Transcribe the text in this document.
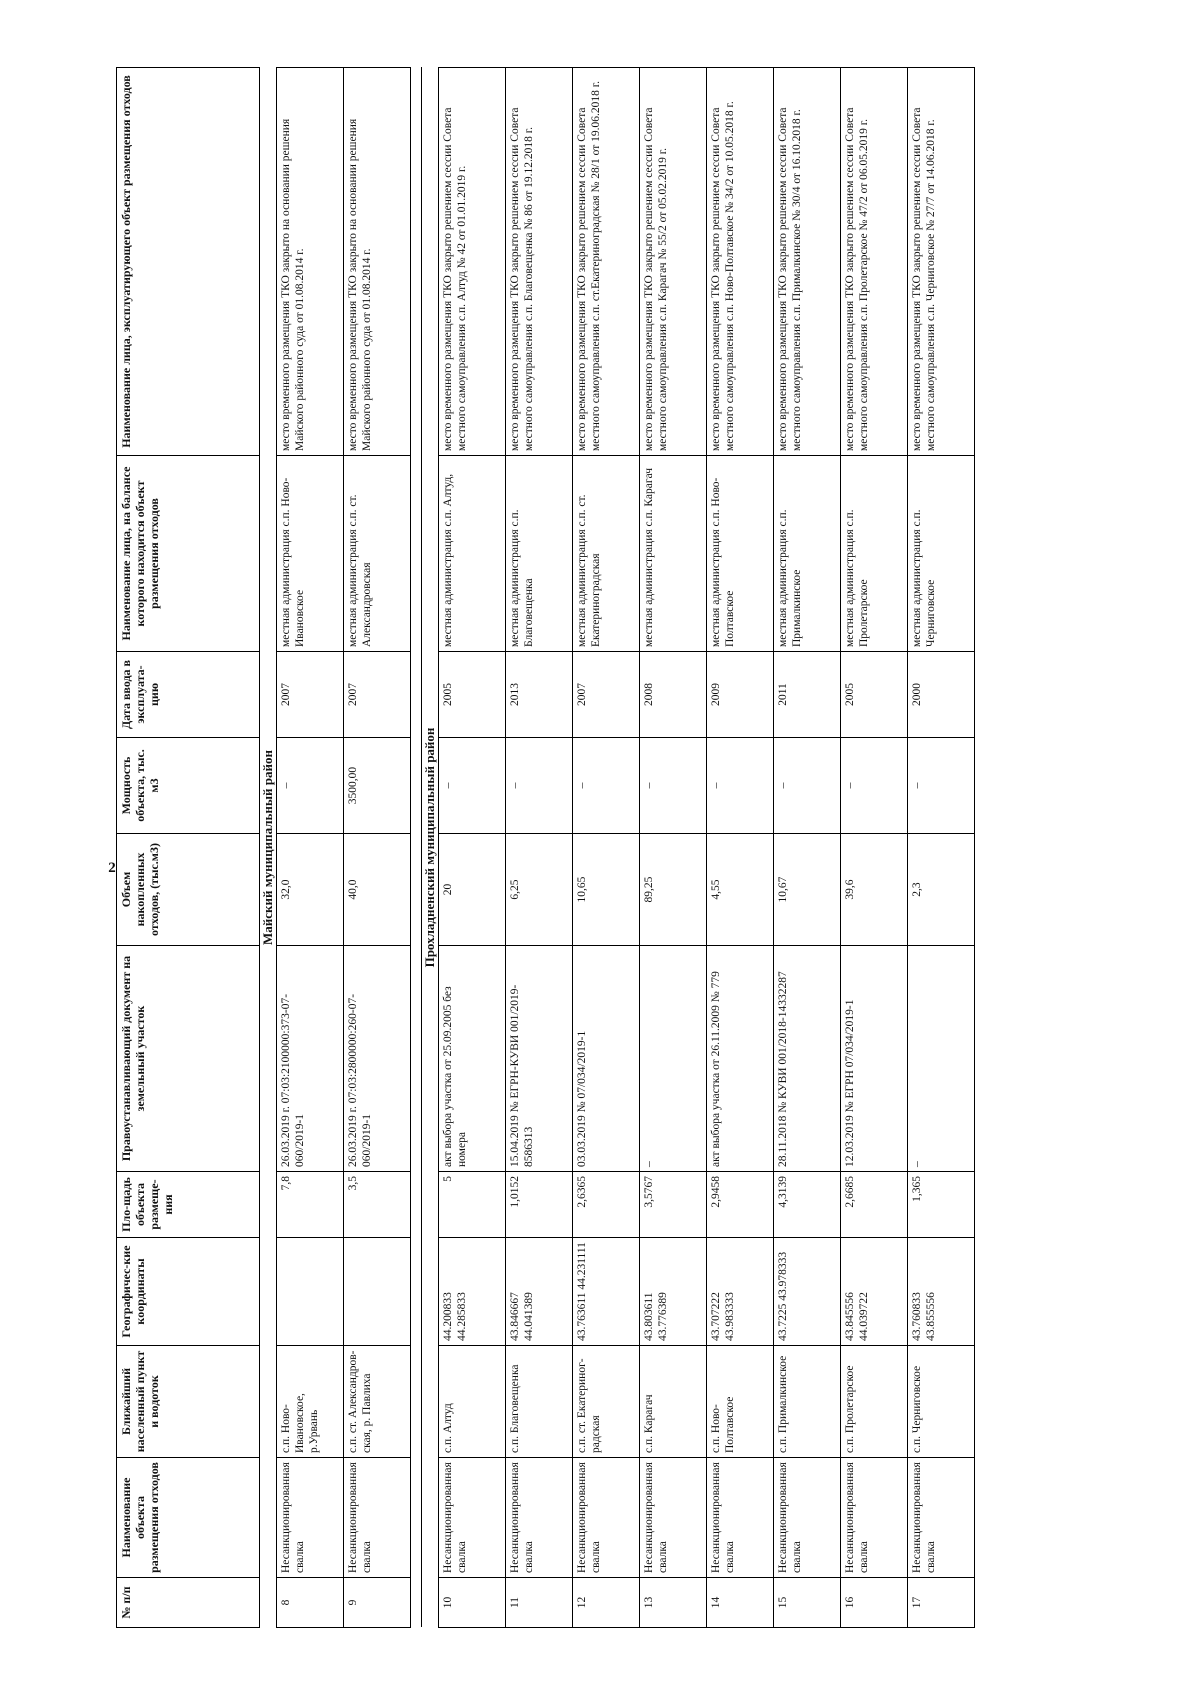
2
№ п/п	Наименование объекта размещения отходов	Ближайший населенный пункт и водоток	Географичес-кие координаты	Пло-щадь объекта размеще-ния	Правоустанавливающий документ на земельный участок	Объем накопленных отходов, (тыс.м3)	Мощность объекта, тыс. м3	Дата ввода в эксплуата-цию	Наименование лица, на балансе которого находится объект размещения отходов	Наименование лица, эксплуатирующего объект размещения отходов
Майский муниципальный район										
8	Несанкционированная свалка	с.п. Ново-Ивановское, р.Урвань		7,8	26.03.2019 г. 07:03:2100000:373-07-060/2019-1	32,0	–	2007	местная администрация с.п. Ново-Ивановское	место временного размещения ТКО закрыто на основании решения Майского районного суда от 01.08.2014 г.
9	Несанкционированная свалка	с.п. ст. Александров-ская, р. Павлиха		3,5	26.03.2019 г. 07:03:2800000:260-07-060/2019-1	40,0	3500,00	2007	местная администрация с.п. ст. Александровская	место временного размещения ТКО закрыто на основании решения Майского районного суда от 01.08.2014 г.

Прохладненский муниципальный район										
10	Несанкционированная свалка	с.п. Алтуд	44.200833 44.285833	5	акт выбора участка от 25.09.2005 без номера	20	–	2005	местная администрация с.п. Алтуд,	место временного размещения ТКО закрыто решением сессии Совета местного самоуправления с.п. Алтуд № 42 от 01.01.2019 г.
11	Несанкционированная свалка	с.п. Благовещенка	43.846667 44.041389	1,0152	15.04.2019 № ЕГРН-КУВИ 001/2019-8586313	6,25	–	2013	местная администрация с.п. Благовещенка	место временного размещения ТКО закрыто решением сессии Совета местного самоуправления с.п. Благовещенка № 86 от 19.12.2018 г.
12	Несанкционированная свалка	с.п. ст. Екатериног-радская	43.763611 44.231111	2,6365	03.03.2019 № 07/034/2019-1	10,65	–	2007	местная администрация с.п. ст. Екатериноградская	место временного размещения ТКО закрыто решением сессии Совета местного самоуправления с.п. ст.Екатериноградская № 28/1 от 19.06.2018 г.
13	Несанкционированная свалка	с.п. Карагач	43.803611 43.776389	3,5767	–	89,25	–	2008	местная администрация с.п. Карагач	место временного размещения ТКО закрыто решением сессии Совета местного самоуправления с.п. Карагач № 55/2 от 05.02.2019 г.
14	Несанкционированная свалка	с.п. Ново-Полтавское	43.707222 43.983333	2,9458	акт выбора участка от 26.11.2009 № 779	4,55	–	2009	местная администрация с.п. Ново-Полтавское	место временного размещения ТКО закрыто решением сессии Совета местного самоуправления с.п. Ново-Полтавское № 34/2 от 10.05.2018 г.
15	Несанкционированная свалка	с.п. Прималкинское	43.7225 43.978333	4,3139	28.11.2018 № КУВИ 001/2018-14332287	10,67	–	2011	местная администрация с.п. Прималкинское	место временного размещения ТКО закрыто решением сессии Совета местного самоуправления с.п. Прималкинское № 30/4 от 16.10.2018 г.
16	Несанкционированная свалка	с.п. Пролетарское	43.845556 44.039722	2,6685	12.03.2019 № ЕГРН 07/034/2019-1	39,6	–	2005	местная администрация с.п. Пролетарское	место временного размещения ТКО закрыто решением сессии Совета местного самоуправления с.п. Пролетарское № 47/2 от 06.05.2019 г.
17	Несанкционированная свалка	с.п. Черниговское	43.760833 43.855556	1,365	–	2,3	–	2000	местная администрация с.п. Черниговское	место временного размещения ТКО закрыто решением сессии Совета местного самоуправления с.п. Черниговское № 27/7 от 14.06.2018 г.
